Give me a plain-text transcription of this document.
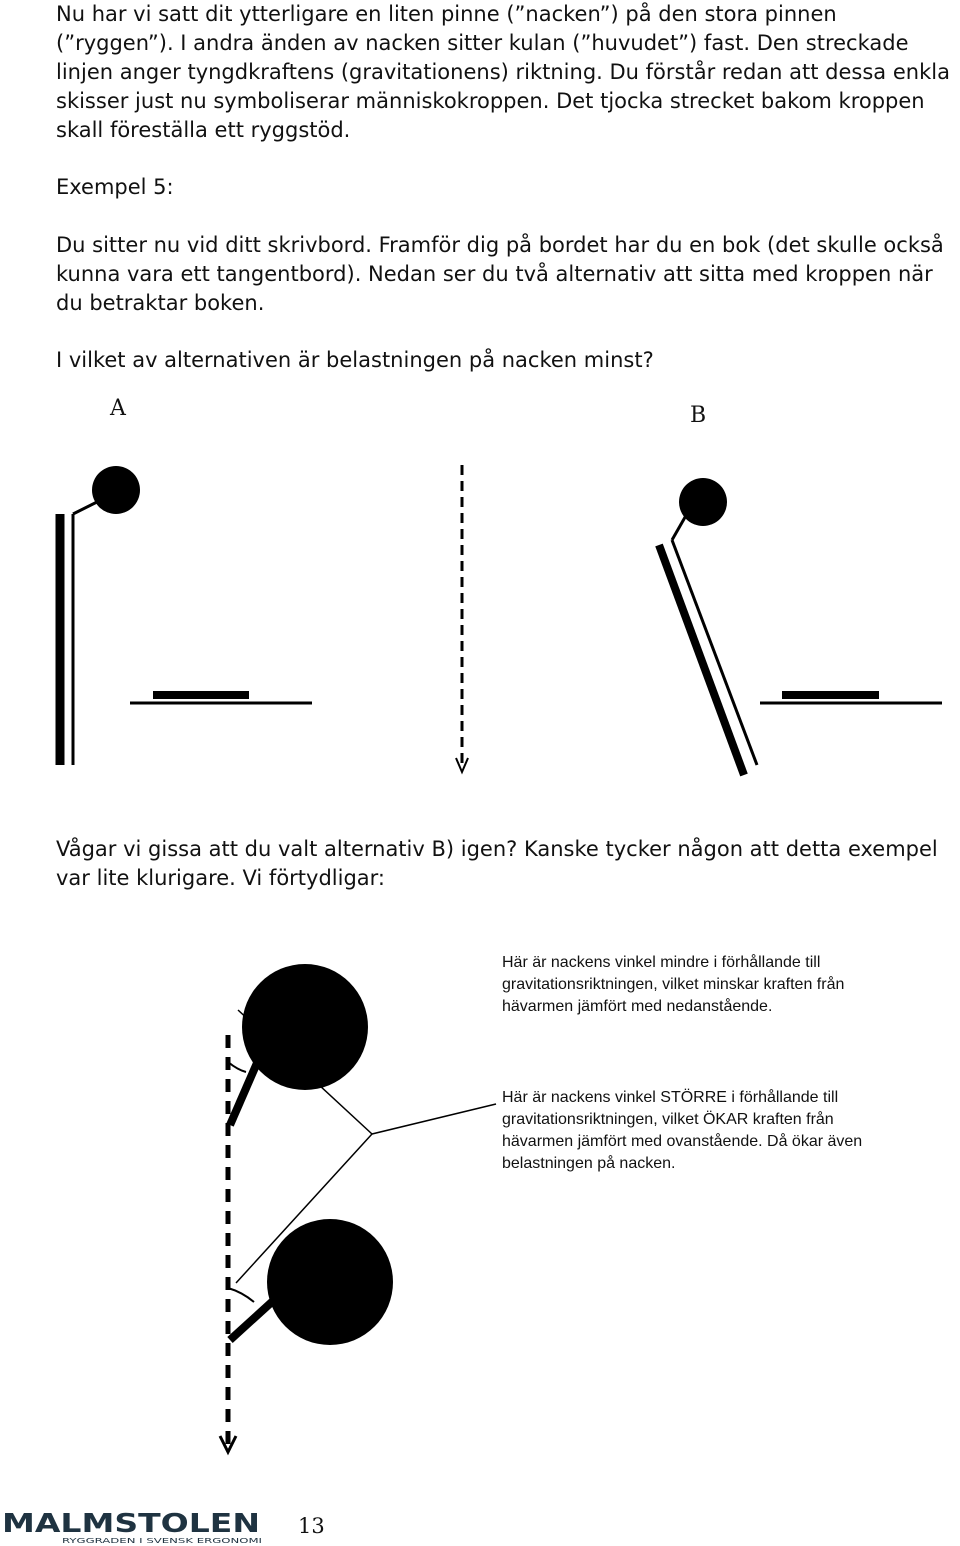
Nu har vi satt dit ytterligare en liten pinne (”nacken”) på den stora pinnen (”ryggen”). I andra änden av nacken sitter kulan (”huvudet”) fast. Den streckade linjen anger tyngdkraftens (gravitationens) riktning. Du förstår redan att dessa enkla skisser just nu symboliserar människokroppen. Det tjocka strecket bakom kroppen skall föreställa ett ryggstöd.

Exempel 5:

Du sitter nu vid ditt skrivbord. Framför dig på bordet har du en bok (det skulle också kunna vara ett tangentbord). Nedan ser du två alternativ att sitta med kroppen när du betraktar boken.

I vilket av alternativen är belastningen på nacken minst?

A	B

Vågar vi gissa att du valt alternativ B) igen? Kanske tycker någon att detta exempel var lite klurigare. Vi förtydligar:

Här är nackens vinkel mindre i förhållande till gravitationsriktningen, vilket minskar kraften från hävarmen jämfört med nedanstående.

Här är nackens vinkel STÖRRE i förhållande till gravitationsriktningen, vilket ÖKAR kraften från hävarmen jämfört med ovanstående. Då ökar även belastningen på nacken.

MALMSTOLEN
RYGGRADEN I SVENSK ERGONOMI
13
